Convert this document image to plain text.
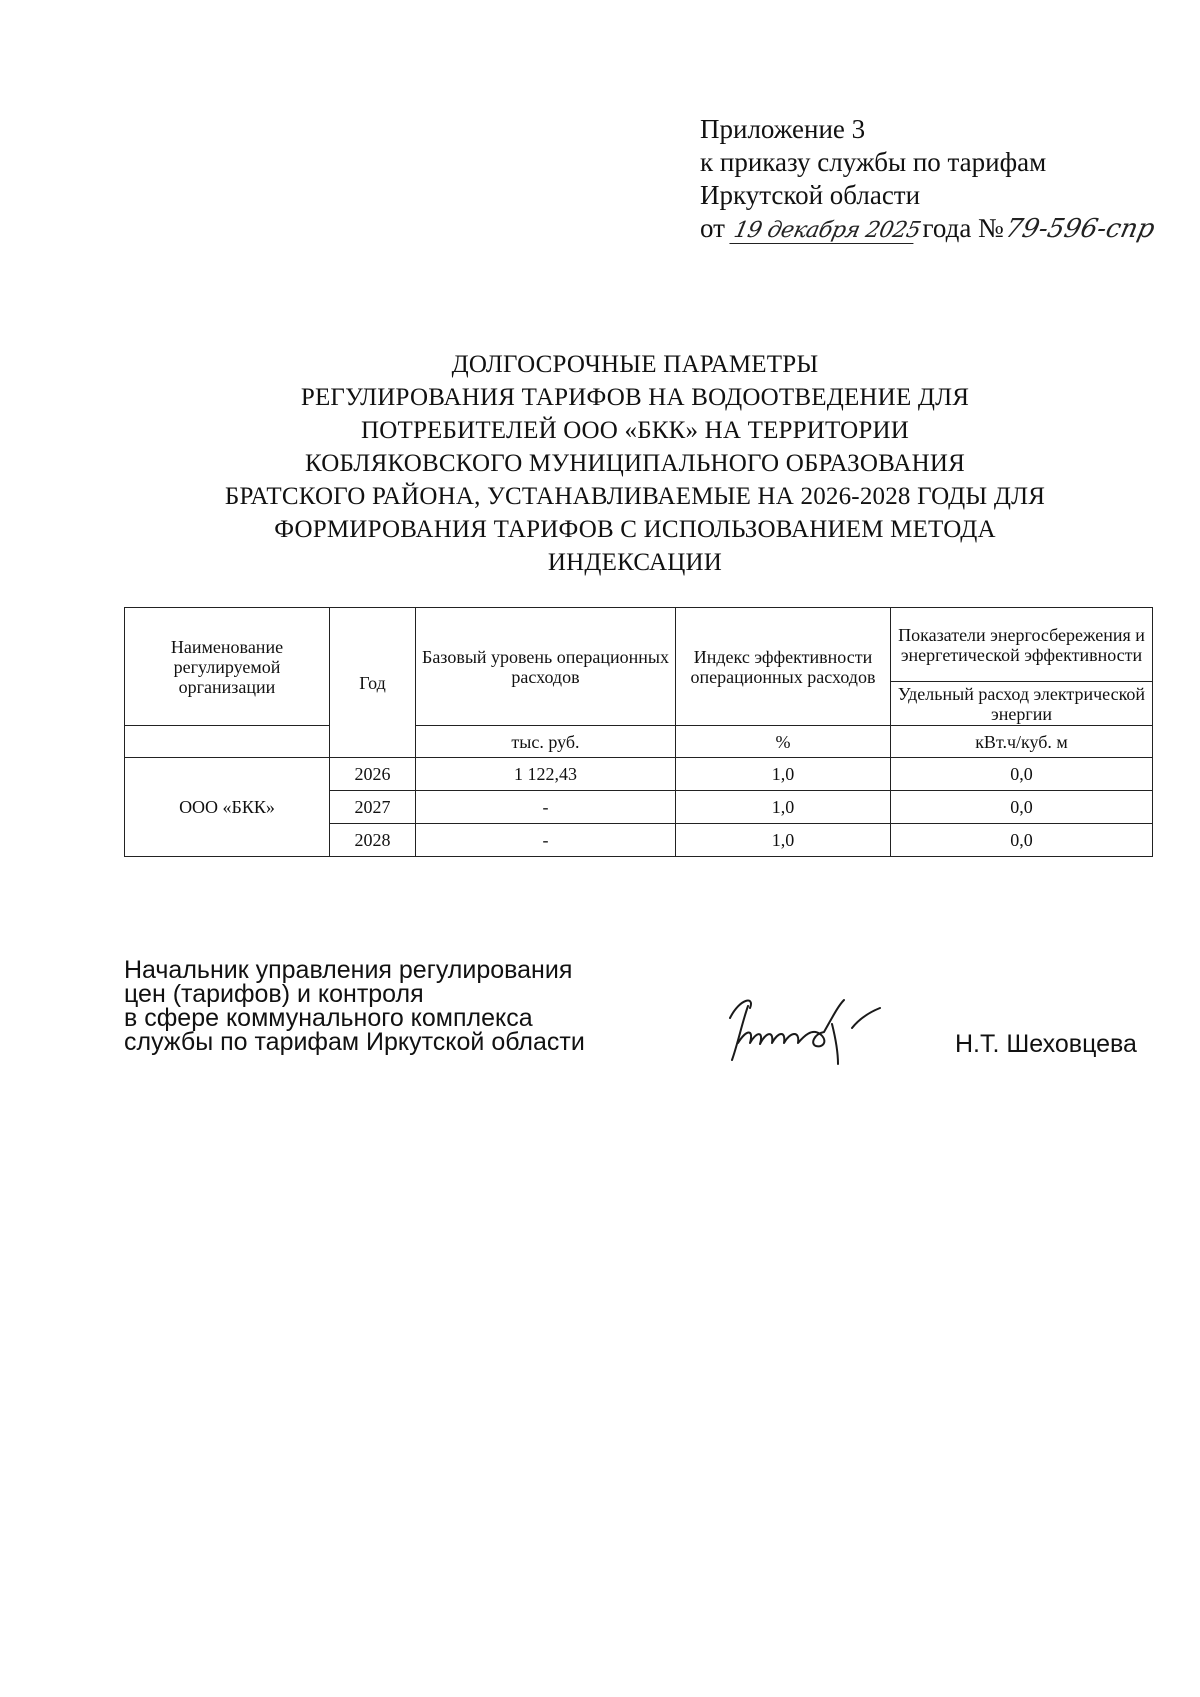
Приложение 3
к приказу службы по тарифам
Иркутской области
от 19 декабря 2025 года №79-596-спр
ДОЛГОСРОЧНЫЕ ПАРАМЕТРЫ
РЕГУЛИРОВАНИЯ ТАРИФОВ НА ВОДООТВЕДЕНИЕ ДЛЯ
ПОТРЕБИТЕЛЕЙ ООО «БКК» НА ТЕРРИТОРИИ
КОБЛЯКОВСКОГО МУНИЦИПАЛЬНОГО ОБРАЗОВАНИЯ
БРАТСКОГО РАЙОНА, УСТАНАВЛИВАЕМЫЕ НА 2026-2028 ГОДЫ ДЛЯ
ФОРМИРОВАНИЯ ТАРИФОВ С ИСПОЛЬЗОВАНИЕМ МЕТОДА
ИНДЕКСАЦИИ
Наименование регулируемой организации	Год	Базовый уровень операционных расходов	Индекс эффективности операционных расходов	Показатели энергосбережения и энергетической эффективности
				Удельный расход электрической энергии
		тыс. руб.	%	кВт.ч/куб. м
ООО «БКК»	2026	1 122,43	1,0	0,0
	2027	-	1,0	0,0
	2028	-	1,0	0,0
Начальник управления регулирования
цен (тарифов) и контроля
в сфере коммунального комплекса
службы по тарифам Иркутской области	Н.Т. Шеховцева
